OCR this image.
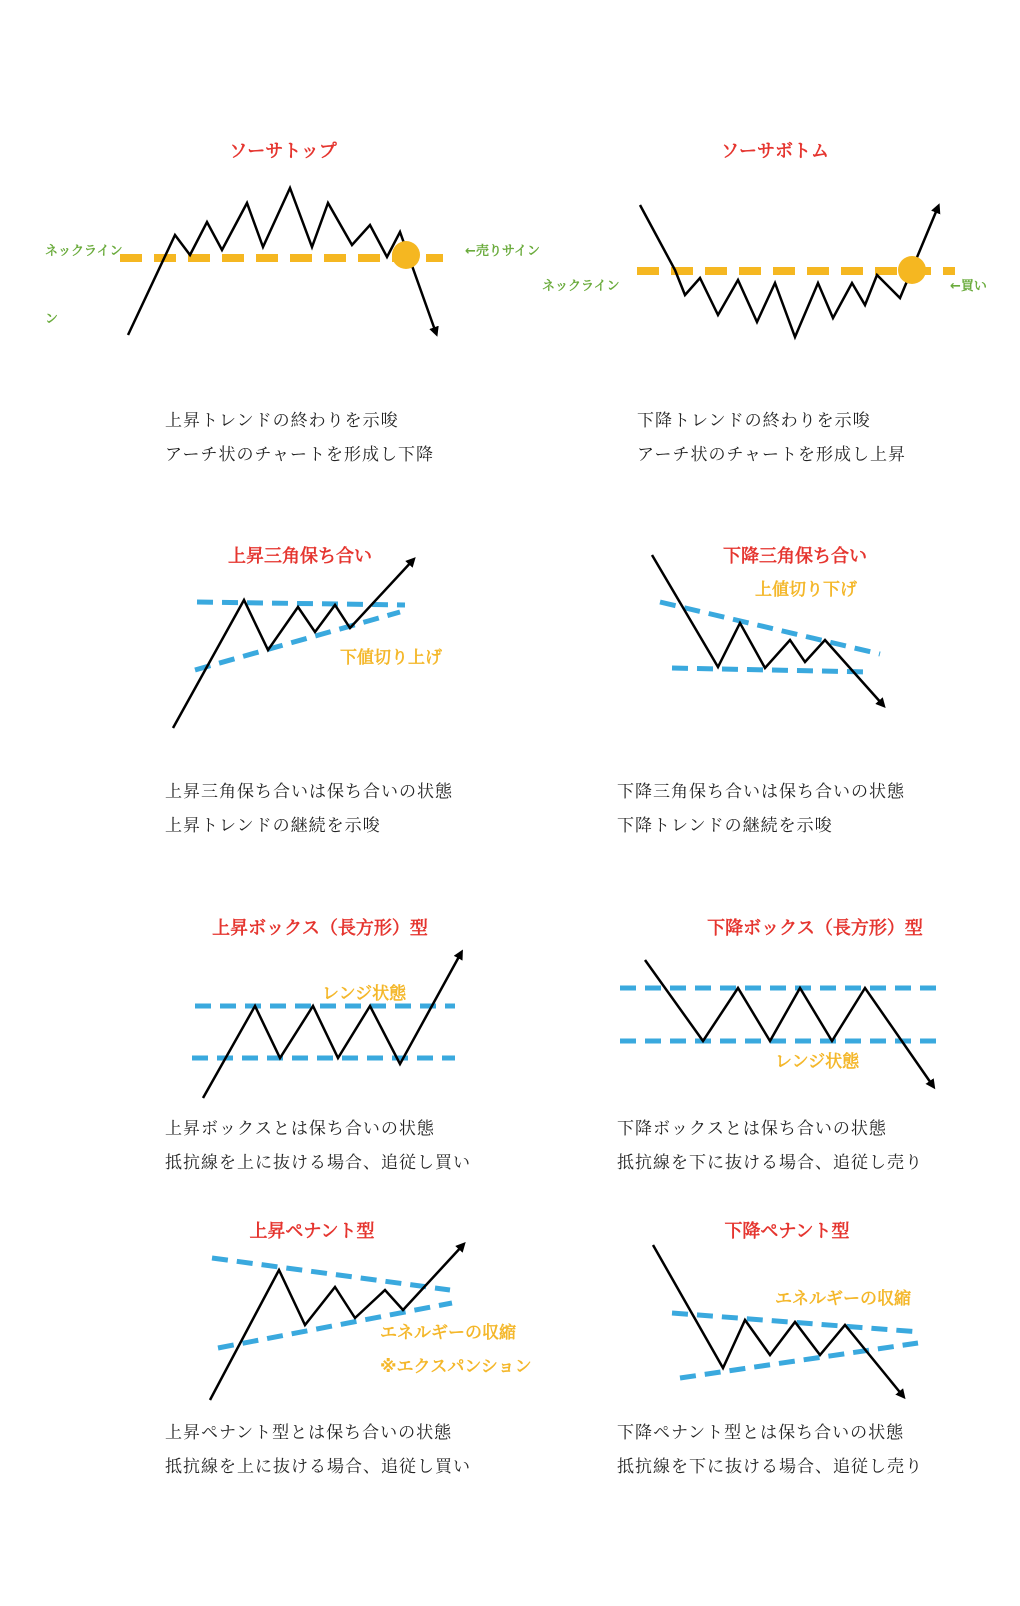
ソーサトップ
ネックライン	←売りサイン
ン
上昇トレンドの終わりを示唆
アーチ状のチャートを形成し下降
ソーサボトム
ネックライン	←買い
下降トレンドの終わりを示唆
アーチ状のチャートを形成し上昇
上昇三角保ち合い
下値切り上げ
上昇三角保ち合いは保ち合いの状態
上昇トレンドの継続を示唆
下降三角保ち合い
上値切り下げ
下降三角保ち合いは保ち合いの状態
下降トレンドの継続を示唆
上昇ボックス（長方形）型
レンジ状態
上昇ボックスとは保ち合いの状態
抵抗線を上に抜ける場合、追従し買い
下降ボックス（長方形）型
レンジ状態
下降ボックスとは保ち合いの状態
抵抗線を下に抜ける場合、追従し売り
上昇ペナント型
エネルギーの収縮
※エクスパンション
上昇ペナント型とは保ち合いの状態
抵抗線を上に抜ける場合、追従し買い
下降ペナント型
エネルギーの収縮
下降ペナント型とは保ち合いの状態
抵抗線を下に抜ける場合、追従し売り
